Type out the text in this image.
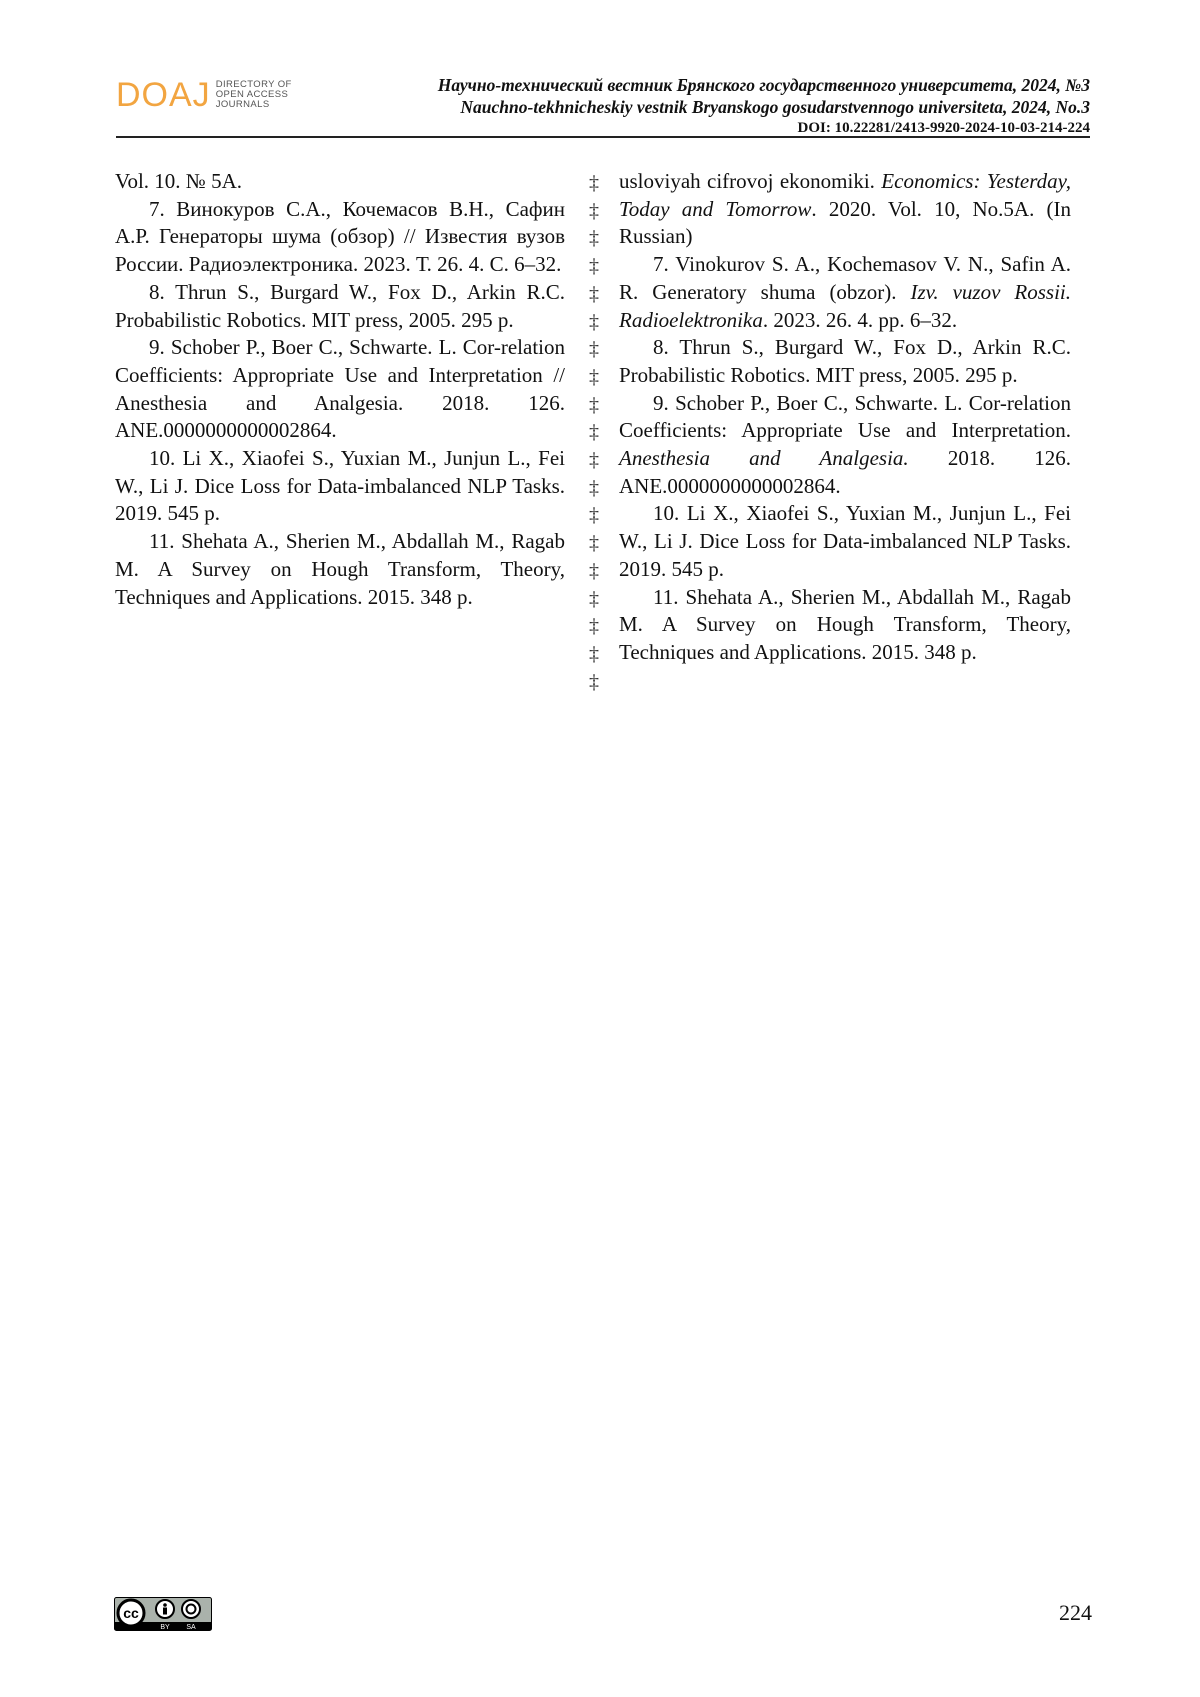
DOAJ DIRECTORY OF
OPEN ACCESS
JOURNALS
Научно-технический вестник Брянского государственного университета, 2024, №3
Nauchno-tekhnicheskiy vestnik Bryanskogo gosudarstvennogo universiteta, 2024, No.3
DOI: 10.22281/2413-9920-2024-10-03-214-224

Vol. 10. № 5A.

7. Винокуров С.А., Кочемасов В.Н., Сафин А.Р. Генераторы шума (обзор) // Известия вузов России. Радиоэлектроника. 2023. Т. 26. 4. С. 6–32.

8. Thrun S., Burgard W., Fox D., Arkin R.C. Probabilistic Robotics. MIT press, 2005. 295 p.

9. Schober P., Boer C., Schwarte. L. Cor-relation Coefficients: Appropriate Use and Interpretation // Anesthesia and Analgesia. 2018. 126. ANE.0000000000002864.

10. Li X., Xiaofei S., Yuxian M., Junjun L., Fei W., Li J. Dice Loss for Data-imbalanced NLP Tasks. 2019. 545 p.

11. Shehata A., Sherien M., Abdallah M., Ragab M. A Survey on Hough Transform, Theory, Techniques and Applications. 2015. 348 p.

‡
‡
‡
‡
‡
‡
‡
‡
‡
‡
‡
‡
‡
‡
‡
‡
‡
‡
‡

usloviyah cifrovoj ekonomiki. Economics: Yesterday, Today and Tomorrow. 2020. Vol. 10, No.5A. (In Russian)

7. Vinokurov S. A., Kochemasov V. N., Safin A. R. Generatory shuma (obzor). Izv. vuzov Rossii. Radioelektronika. 2023. 26. 4. pp. 6–32.

8. Thrun S., Burgard W., Fox D., Arkin R.C. Probabilistic Robotics. MIT press, 2005. 295 p.

9. Schober P., Boer C., Schwarte. L. Cor-relation Coefficients: Appropriate Use and Interpretation. Anesthesia and Analgesia. 2018. 126. ANE.0000000000002864.

10. Li X., Xiaofei S., Yuxian M., Junjun L., Fei W., Li J. Dice Loss for Data-imbalanced NLP Tasks. 2019. 545 p.

11. Shehata A., Sherien M., Abdallah M., Ragab M. A Survey on Hough Transform, Theory, Techniques and Applications. 2015. 348 p.

cc
BY SA
224
